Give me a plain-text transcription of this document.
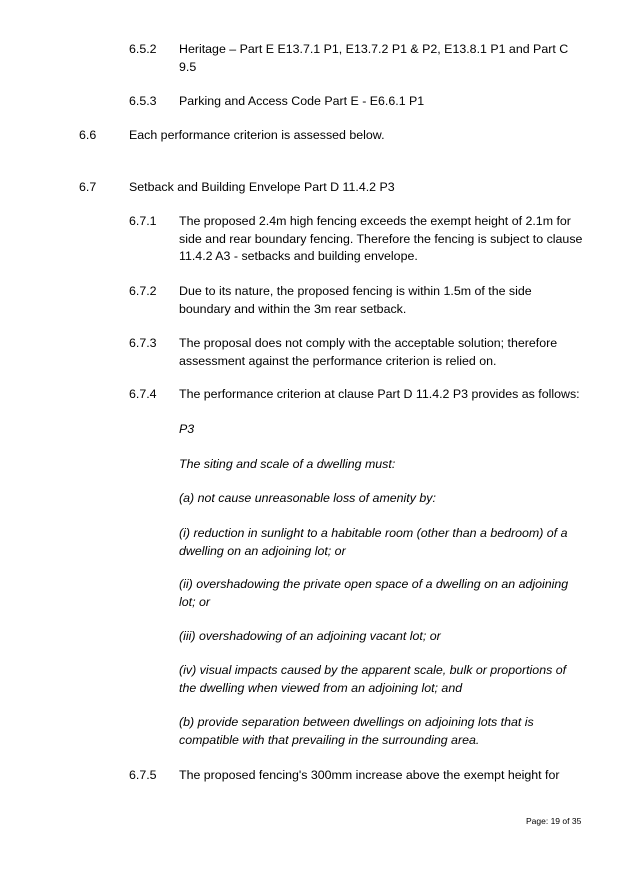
6.5.2 Heritage – Part E E13.7.1 P1, E13.7.2 P1 & P2, E13.8.1 P1 and Part C 9.5
6.5.3 Parking and Access Code Part E - E6.6.1 P1
6.6	Each performance criterion is assessed below.
6.7	Setback and Building Envelope Part D 11.4.2 P3
6.7.1 The proposed 2.4m high fencing exceeds the exempt height of 2.1m for side and rear boundary fencing. Therefore the fencing is subject to clause 11.4.2 A3 - setbacks and building envelope.
6.7.2 Due to its nature, the proposed fencing is within 1.5m of the side boundary and within the 3m rear setback.
6.7.3 The proposal does not comply with the acceptable solution; therefore assessment against the performance criterion is relied on.
6.7.4 The performance criterion at clause Part D 11.4.2 P3 provides as follows:
P3
The siting and scale of a dwelling must:
(a) not cause unreasonable loss of amenity by:
(i) reduction in sunlight to a habitable room (other than a bedroom) of a dwelling on an adjoining lot; or
(ii) overshadowing the private open space of a dwelling on an adjoining lot; or
(iii) overshadowing of an adjoining vacant lot; or
(iv) visual impacts caused by the apparent scale, bulk or proportions of the dwelling when viewed from an adjoining lot; and
(b) provide separation between dwellings on adjoining lots that is compatible with that prevailing in the surrounding area.
6.7.5 The proposed fencing's 300mm increase above the exempt height for
Page: 19 of 35
